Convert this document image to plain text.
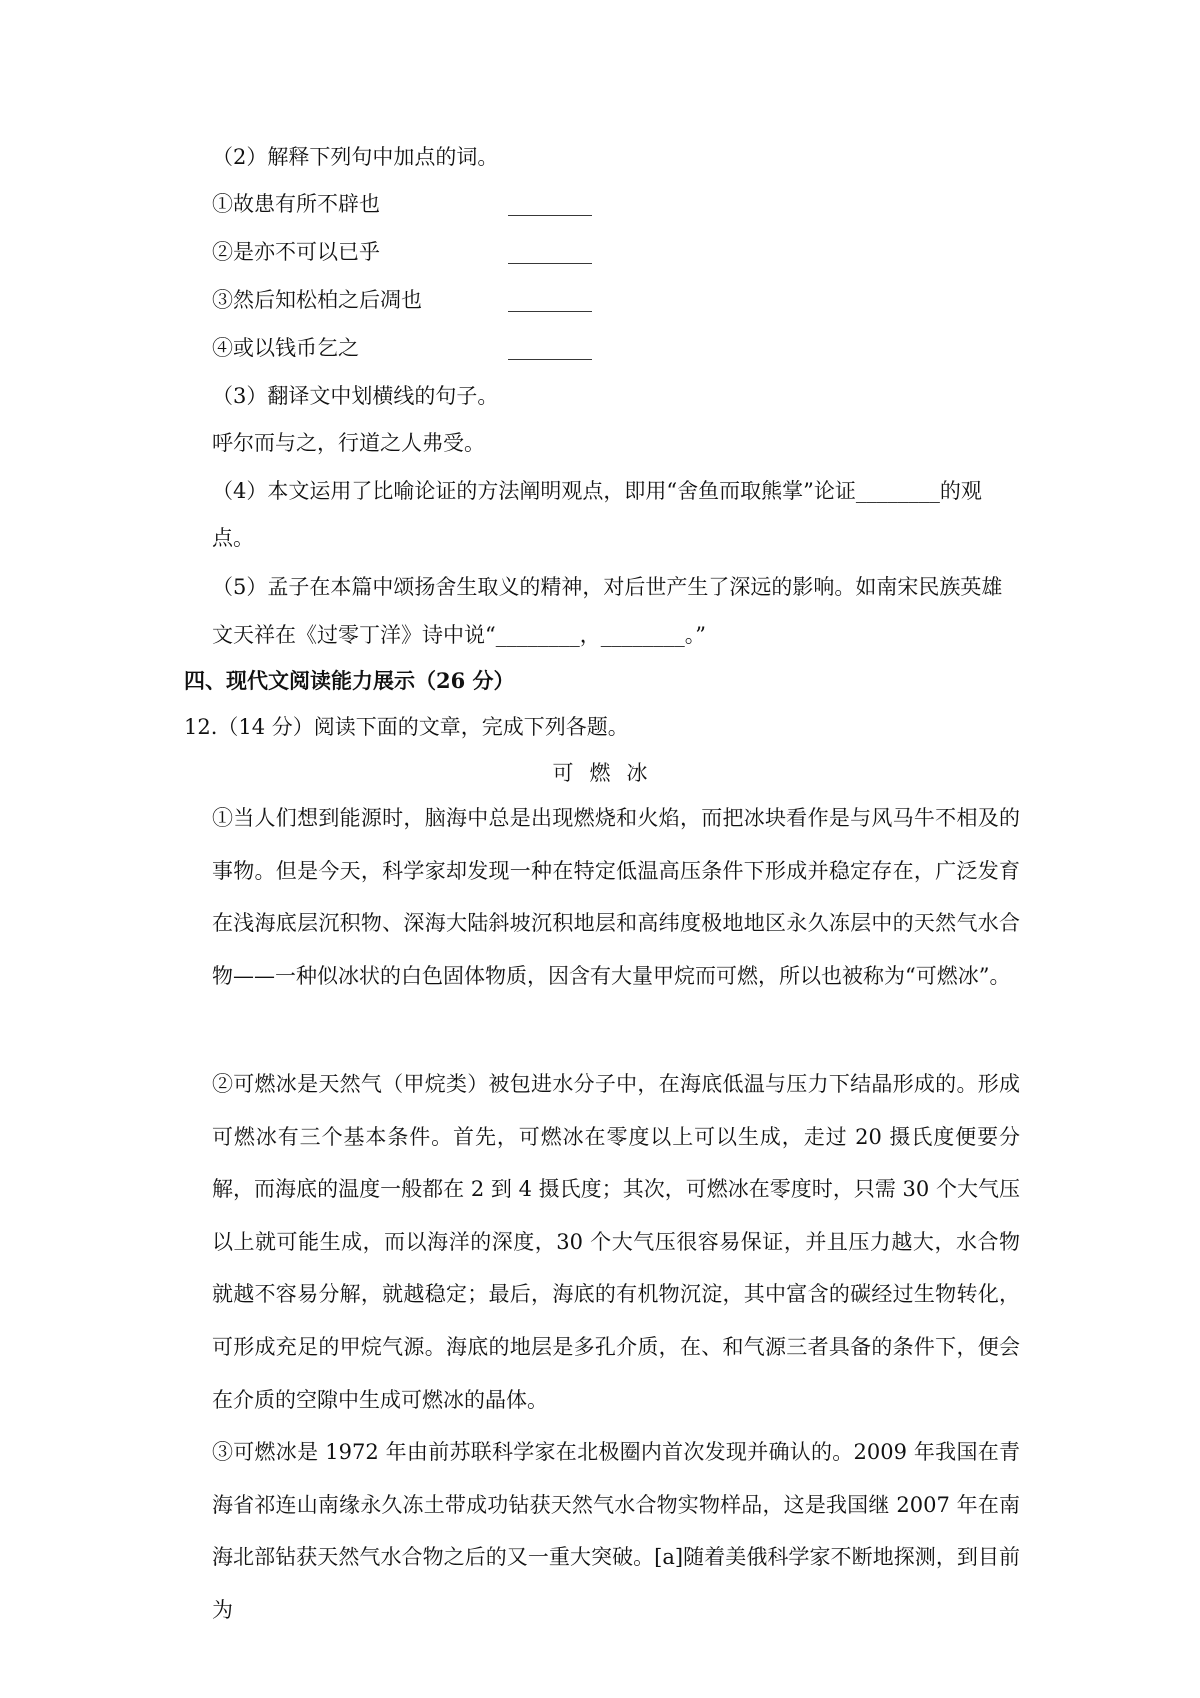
（2）解释下列句中加点的词。
①故患有所不辟也	________
②是亦不可以已乎	________
③然后知松柏之后凋也	________
④或以钱币乞之	________
（3）翻译文中划横线的句子。
呼尔而与之，行道之人弗受。
（4）本文运用了比喻论证的方法阐明观点，即用“舍鱼而取熊掌”论证________的观
点。
（5）孟子在本篇中颂扬舍生取义的精神，对后世产生了深远的影响。如南宋民族英雄
文天祥在《过零丁洋》诗中说“________，________。”
四、现代文阅读能力展示（26 分）
12.（14 分）阅读下面的文章，完成下列各题。
可燃冰

①当人们想到能源时，脑海中总是出现燃烧和火焰，而把冰块看作是与风马牛不相及的事物。但是今天，科学家却发现一种在特定低温高压条件下形成并稳定存在，广泛发育在浅海底层沉积物、深海大陆斜坡沉积地层和高纬度极地地区永久冻层中的天然气水合物——一种似冰状的白色固体物质，因含有大量甲烷而可燃，所以也被称为“可燃冰”。

②可燃冰是天然气（甲烷类）被包进水分子中，在海底低温与压力下结晶形成的。形成可燃冰有三个基本条件。首先，可燃冰在零度以上可以生成，走过 20 摄氏度便要分解，而海底的温度一般都在 2 到 4 摄氏度；其次，可燃冰在零度时，只需 30 个大气压以上就可能生成，而以海洋的深度，30 个大气压很容易保证，并且压力越大，水合物就越不容易分解，就越稳定；最后，海底的有机物沉淀，其中富含的碳经过生物转化，可形成充足的甲烷气源。海底的地层是多孔介质，在、和气源三者具备的条件下，便会在介质的空隙中生成可燃冰的晶体。

③可燃冰是 1972 年由前苏联科学家在北极圈内首次发现并确认的。2009 年我国在青海省祁连山南缘永久冻土带成功钻获天然气水合物实物样品，这是我国继 2007 年在南海北部钻获天然气水合物之后的又一重大突破。[a]随着美俄科学家不断地探测，到目前为
